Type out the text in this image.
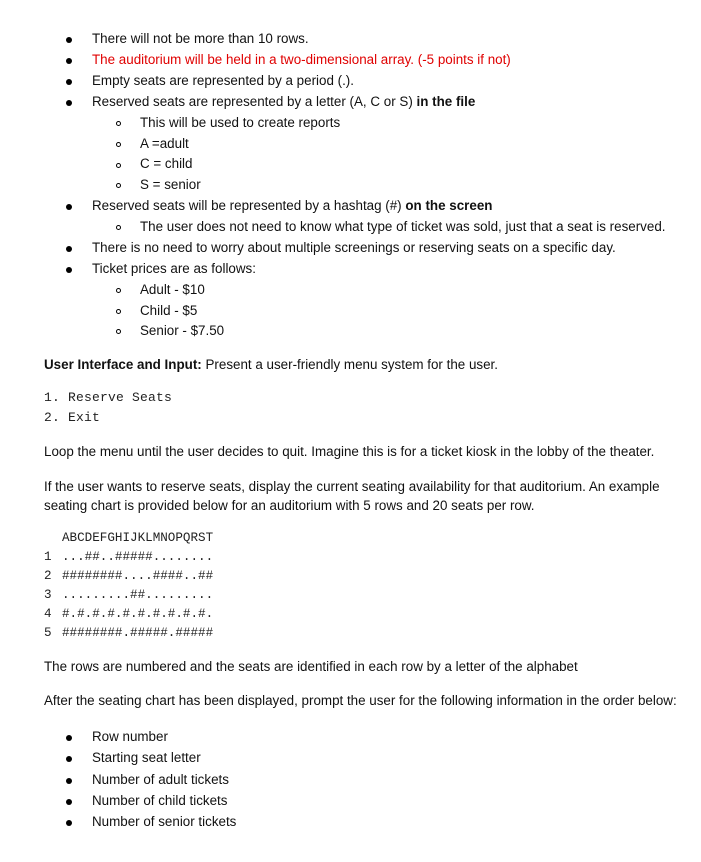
There will not be more than 10 rows.
The auditorium will be held in a two-dimensional array. (-5 points if not)
Empty seats are represented by a period (.).
Reserved seats are represented by a letter (A, C or S) in the file
This will be used to create reports
A =adult
C = child
S = senior
Reserved seats will be represented by a hashtag (#) on the screen
The user does not need to know what type of ticket was sold, just that a seat is reserved.
There is no need to worry about multiple screenings or reserving seats on a specific day.
Ticket prices are as follows:
Adult - $10
Child - $5
Senior - $7.50
User Interface and Input: Present a user-friendly menu system for the user.
1. Reserve Seats
2. Exit
Loop the menu until the user decides to quit. Imagine this is for a ticket kiosk in the lobby of the theater.
If the user wants to reserve seats, display the current seating availability for that auditorium. An example
seating chart is provided below for an auditorium with 5 rows and 20 seats per row.
ABCDEFGHIJKLMNOPQRST
1 ...##..#####........
2 ########....####..##
3 .........##.........
4 #.#.#.#.#.#.#.#.#.#.
5 ########.#####.#####
The rows are numbered and the seats are identified in each row by a letter of the alphabet
After the seating chart has been displayed, prompt the user for the following information in the order below:
Row number
Starting seat letter
Number of adult tickets
Number of child tickets
Number of senior tickets
